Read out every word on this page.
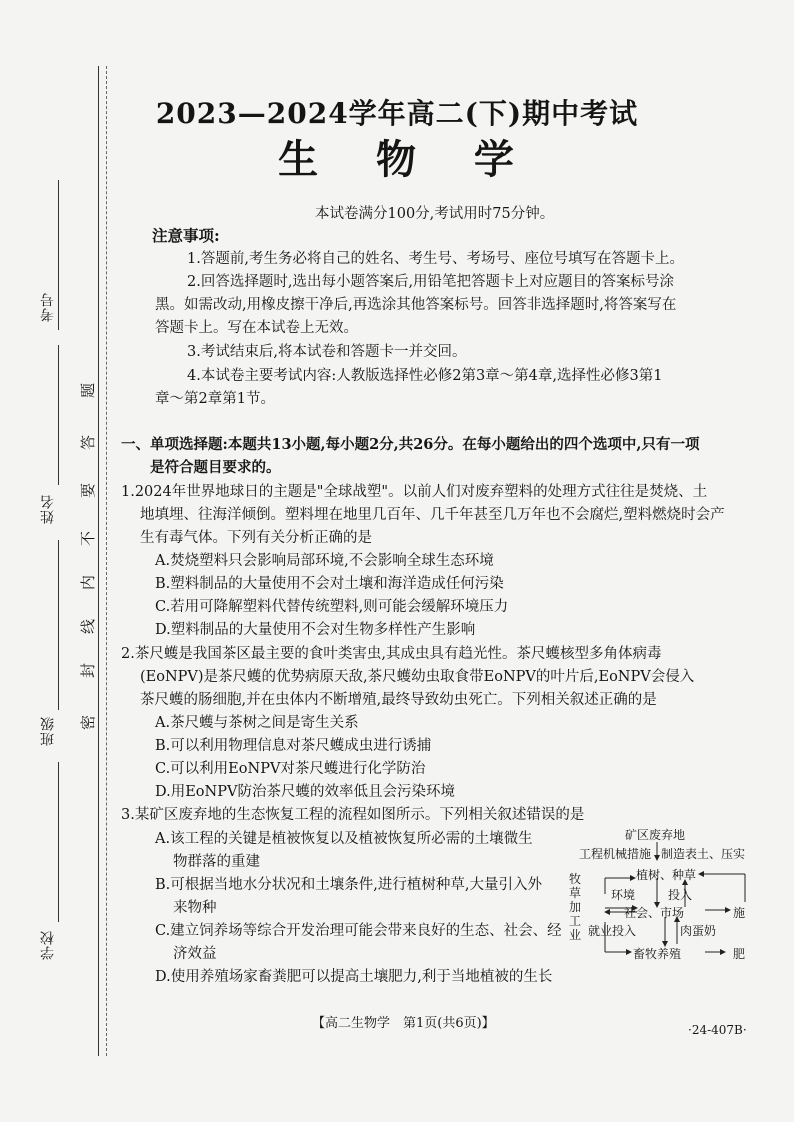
考号
姓名
班级
学校
密
封
线
内
不
要
答
题
2023—2024学年高二(下)期中考试
生 物 学
本试卷满分100分,考试用时75分钟。
注意事项:
1.答题前,考生务必将自己的姓名、考生号、考场号、座位号填写在答题卡上。
2.回答选择题时,选出每小题答案后,用铅笔把答题卡上对应题目的答案标号涂
黑。如需改动,用橡皮擦干净后,再选涂其他答案标号。回答非选择题时,将答案写在
答题卡上。写在本试卷上无效。
3.考试结束后,将本试卷和答题卡一并交回。
4.本试卷主要考试内容:人教版选择性必修2第3章～第4章,选择性必修3第1
章～第2章第1节。
一、单项选择题:本题共13小题,每小题2分,共26分。在每小题给出的四个选项中,只有一项
是符合题目要求的。
1.2024年世界地球日的主题是"全球战塑"。以前人们对废弃塑料的处理方式往往是焚烧、土
地填埋、往海洋倾倒。塑料埋在地里几百年、几千年甚至几万年也不会腐烂,塑料燃烧时会产
生有毒气体。下列有关分析正确的是
A.焚烧塑料只会影响局部环境,不会影响全球生态环境
B.塑料制品的大量使用不会对土壤和海洋造成任何污染
C.若用可降解塑料代替传统塑料,则可能会缓解环境压力
D.塑料制品的大量使用不会对生物多样性产生影响
2.茶尺蠖是我国茶区最主要的食叶类害虫,其成虫具有趋光性。茶尺蠖核型多角体病毒
(EoNPV)是茶尺蠖的优势病原天敌,茶尺蠖幼虫取食带EoNPV的叶片后,EoNPV会侵入
茶尺蠖的肠细胞,并在虫体内不断增殖,最终导致幼虫死亡。下列相关叙述正确的是
A.茶尺蠖与茶树之间是寄生关系
B.可以利用物理信息对茶尺蠖成虫进行诱捕
C.可以利用EoNPV对茶尺蠖进行化学防治
D.用EoNPV防治茶尺蠖的效率低且会污染环境
3.某矿区废弃地的生态恢复工程的流程如图所示。下列相关叙述错误的是
A.该工程的关键是植被恢复以及植被恢复所必需的土壤微生
物群落的重建
B.可根据当地水分状况和土壤条件,进行植树种草,大量引入外
来物种
C.建立饲养场等综合开发治理可能会带来良好的生态、社会、经
济效益
D.使用养殖场家畜粪肥可以提高土壤肥力,利于当地植被的生长
矿区废弃地
工程机械措施 制造表土、压实
植树、种草
环境	投入
社会、市场	施
就业投入	肉蛋奶
畜牧养殖	肥
牧草加工业
【高二生物学　第1页(共6页)】	·24-407B·
